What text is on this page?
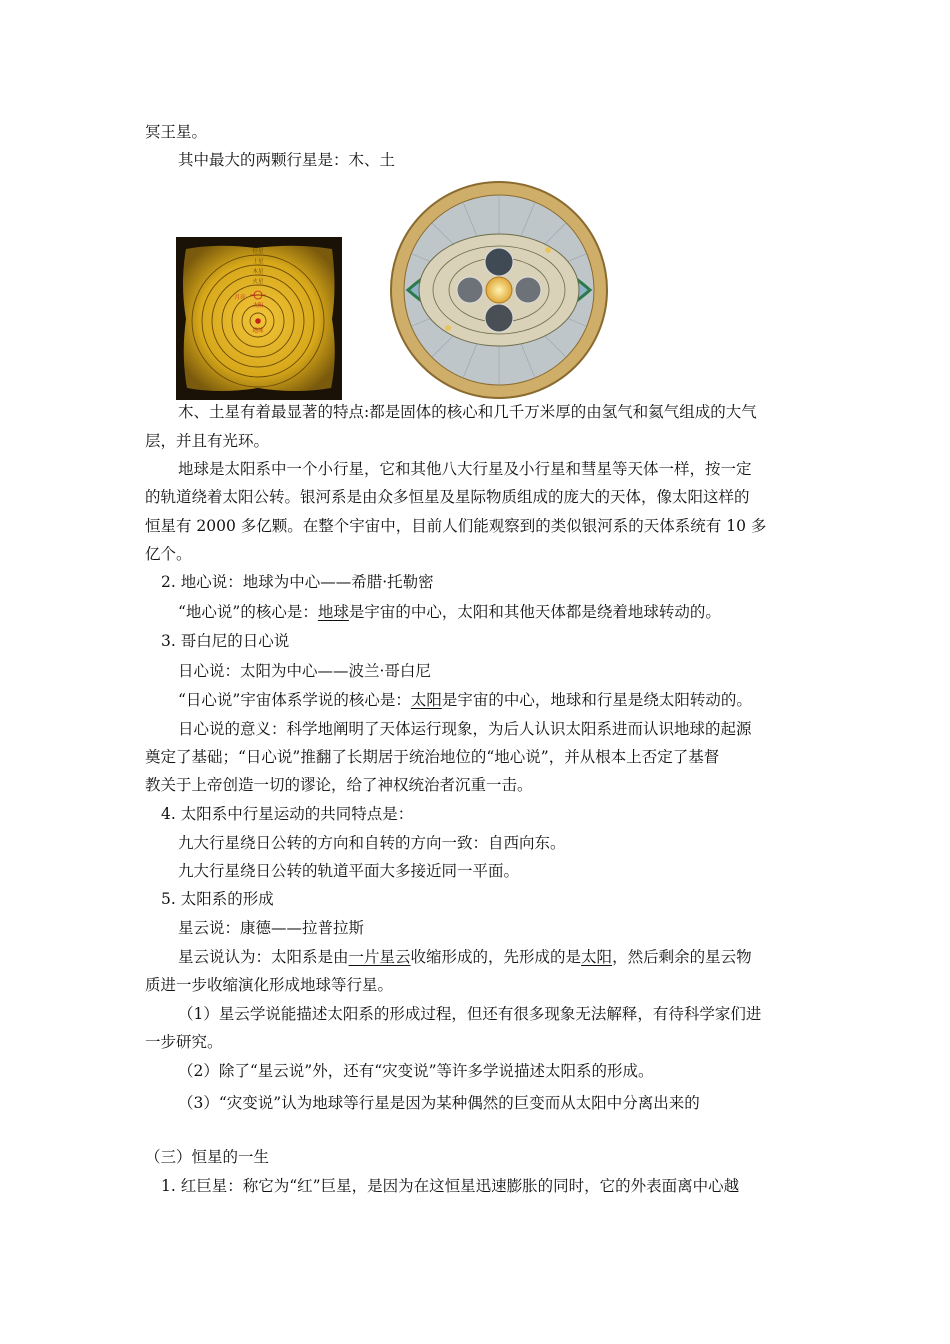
冥王星。
其中最大的两颗行星是：木、土
恒星
土星
木星
火星
月亮
太阳
地球
木、土星有着最显著的特点:都是固体的核心和几千万米厚的由氢气和氦气组成的大气
层，并且有光环。
地球是太阳系中一个小行星，它和其他八大行星及小行星和彗星等天体一样，按一定
的轨道绕着太阳公转。银河系是由众多恒星及星际物质组成的庞大的天体，像太阳这样的
恒星有 2000 多亿颗。在整个宇宙中，目前人们能观察到的类似银河系的天体系统有 10 多
亿个。
2. 地心说：地球为中心——希腊·托勒密
“地心说”的核心是：地球是宇宙的中心，太阳和其他天体都是绕着地球转动的。
3. 哥白尼的日心说
日心说：太阳为中心——波兰·哥白尼
“日心说”宇宙体系学说的核心是：太阳是宇宙的中心，地球和行星是绕太阳转动的。
日心说的意义：科学地阐明了天体运行现象，为后人认识太阳系进而认识地球的起源
奠定了基础；“日心说”推翻了长期居于统治地位的“地心说”，并从根本上否定了基督
教关于上帝创造一切的谬论，给了神权统治者沉重一击。
4. 太阳系中行星运动的共同特点是：
九大行星绕日公转的方向和自转的方向一致：自西向东。
九大行星绕日公转的轨道平面大多接近同一平面。
5. 太阳系的形成
星云说：康德——拉普拉斯
星云说认为：太阳系是由一片星云收缩形成的，先形成的是太阳，然后剩余的星云物
质进一步收缩演化形成地球等行星。
（1）星云学说能描述太阳系的形成过程，但还有很多现象无法解释，有待科学家们进
一步研究。
（2）除了“星云说”外，还有“灾变说”等许多学说描述太阳系的形成。
（3）“灾变说”认为地球等行星是因为某种偶然的巨变而从太阳中分离出来的
（三）恒星的一生
1. 红巨星：称它为“红”巨星，是因为在这恒星迅速膨胀的同时，它的外表面离中心越
